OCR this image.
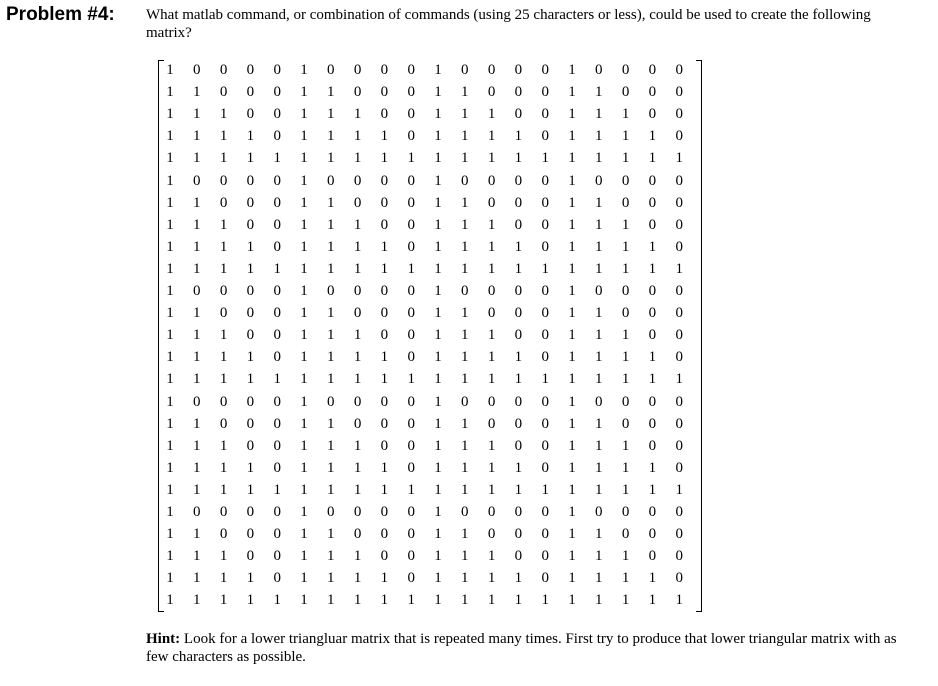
Problem #4: What matlab command, or combination of commands (using 25 characters or less), could be used to create the following matrix?
1	0	0	0	0	1	0	0	0	0	1	0	0	0	0	1	0	0	0	0
1	1	0	0	0	1	1	0	0	0	1	1	0	0	0	1	1	0	0	0
1	1	1	0	0	1	1	1	0	0	1	1	1	0	0	1	1	1	0	0
1	1	1	1	0	1	1	1	1	0	1	1	1	1	0	1	1	1	1	0
1	1	1	1	1	1	1	1	1	1	1	1	1	1	1	1	1	1	1	1
1	0	0	0	0	1	0	0	0	0	1	0	0	0	0	1	0	0	0	0
1	1	0	0	0	1	1	0	0	0	1	1	0	0	0	1	1	0	0	0
1	1	1	0	0	1	1	1	0	0	1	1	1	0	0	1	1	1	0	0
1	1	1	1	0	1	1	1	1	0	1	1	1	1	0	1	1	1	1	0
1	1	1	1	1	1	1	1	1	1	1	1	1	1	1	1	1	1	1	1
1	0	0	0	0	1	0	0	0	0	1	0	0	0	0	1	0	0	0	0
1	1	0	0	0	1	1	0	0	0	1	1	0	0	0	1	1	0	0	0
1	1	1	0	0	1	1	1	0	0	1	1	1	0	0	1	1	1	0	0
1	1	1	1	0	1	1	1	1	0	1	1	1	1	0	1	1	1	1	0
1	1	1	1	1	1	1	1	1	1	1	1	1	1	1	1	1	1	1	1
1	0	0	0	0	1	0	0	0	0	1	0	0	0	0	1	0	0	0	0
1	1	0	0	0	1	1	0	0	0	1	1	0	0	0	1	1	0	0	0
1	1	1	0	0	1	1	1	0	0	1	1	1	0	0	1	1	1	0	0
1	1	1	1	0	1	1	1	1	0	1	1	1	1	0	1	1	1	1	0
1	1	1	1	1	1	1	1	1	1	1	1	1	1	1	1	1	1	1	1
1	0	0	0	0	1	0	0	0	0	1	0	0	0	0	1	0	0	0	0
1	1	0	0	0	1	1	0	0	0	1	1	0	0	0	1	1	0	0	0
1	1	1	0	0	1	1	1	0	0	1	1	1	0	0	1	1	1	0	0
1	1	1	1	0	1	1	1	1	0	1	1	1	1	0	1	1	1	1	0
1	1	1	1	1	1	1	1	1	1	1	1	1	1	1	1	1	1	1	1
Hint: Look for a lower triangluar matrix that is repeated many times. First try to produce that lower triangular matrix with as few characters as possible.
